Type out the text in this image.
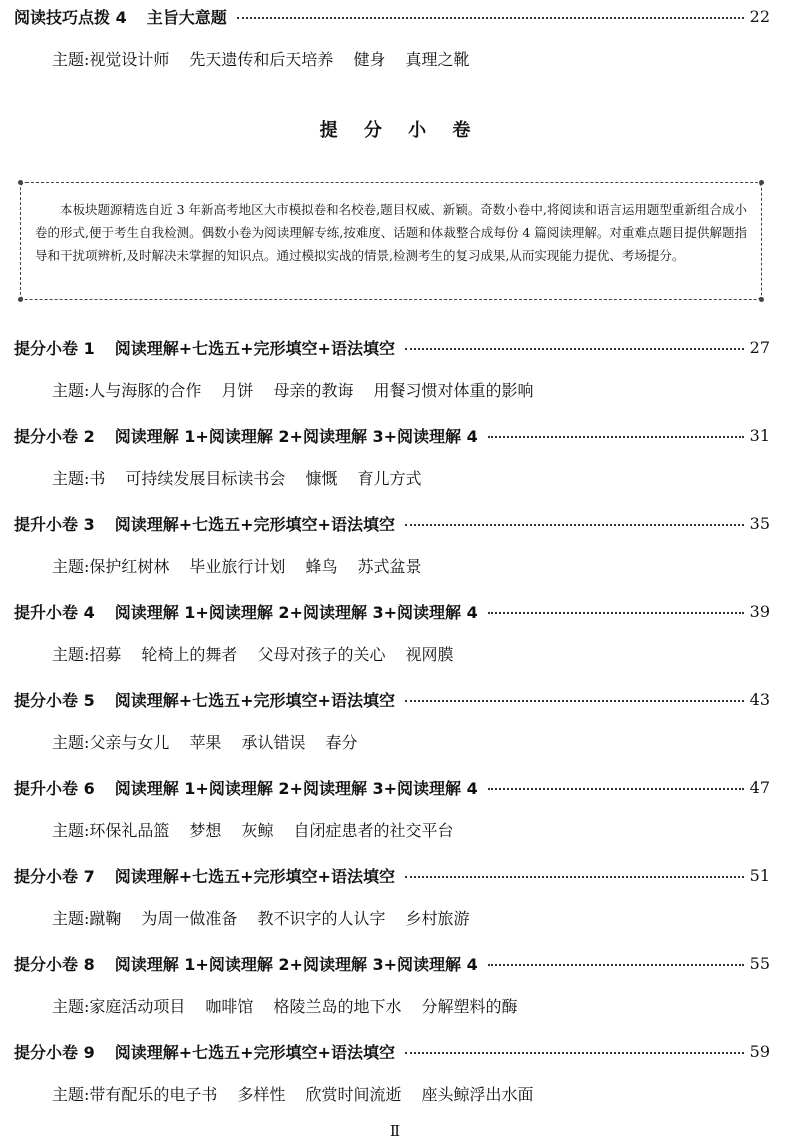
阅读技巧点拨 4 主旨大意题	22
主题: 视觉设计师 先天遗传和后天培养 健身 真理之靴
提 分 小 卷
本板块题源精选自近 3 年新高考地区大市模拟卷和名校卷,题目权威、新颖。奇数小卷中,将阅读和语言运用题型重新组合成小卷的形式,便于考生自我检测。偶数小卷为阅读理解专练,按难度、话题和体裁整合成每份 4 篇阅读理解。对重难点题目提供解题指导和干扰项辨析,及时解决未掌握的知识点。通过模拟实战的情景,检测考生的复习成果,从而实现能力提优、考场提分。
提分小卷 1 阅读理解+七选五+完形填空+语法填空	27
主题: 人与海豚的合作 月饼 母亲的教诲 用餐习惯对体重的影响
提分小卷 2 阅读理解 1+阅读理解 2+阅读理解 3+阅读理解 4	31
主题: 书 可持续发展目标读书会 慷慨 育儿方式
提升小卷 3 阅读理解+七选五+完形填空+语法填空	35
主题: 保护红树林 毕业旅行计划 蜂鸟 苏式盆景
提升小卷 4 阅读理解 1+阅读理解 2+阅读理解 3+阅读理解 4	39
主题: 招募 轮椅上的舞者 父母对孩子的关心 视网膜
提分小卷 5 阅读理解+七选五+完形填空+语法填空	43
主题: 父亲与女儿 苹果 承认错误 春分
提升小卷 6 阅读理解 1+阅读理解 2+阅读理解 3+阅读理解 4	47
主题: 环保礼品篮 梦想 灰鲸 自闭症患者的社交平台
提分小卷 7 阅读理解+七选五+完形填空+语法填空	51
主题: 蹴鞠 为周一做准备 教不识字的人认字 乡村旅游
提分小卷 8 阅读理解 1+阅读理解 2+阅读理解 3+阅读理解 4	55
主题: 家庭活动项目 咖啡馆 格陵兰岛的地下水 分解塑料的酶
提分小卷 9 阅读理解+七选五+完形填空+语法填空	59
主题: 带有配乐的电子书 多样性 欣赏时间流逝 座头鲸浮出水面
Ⅱ
